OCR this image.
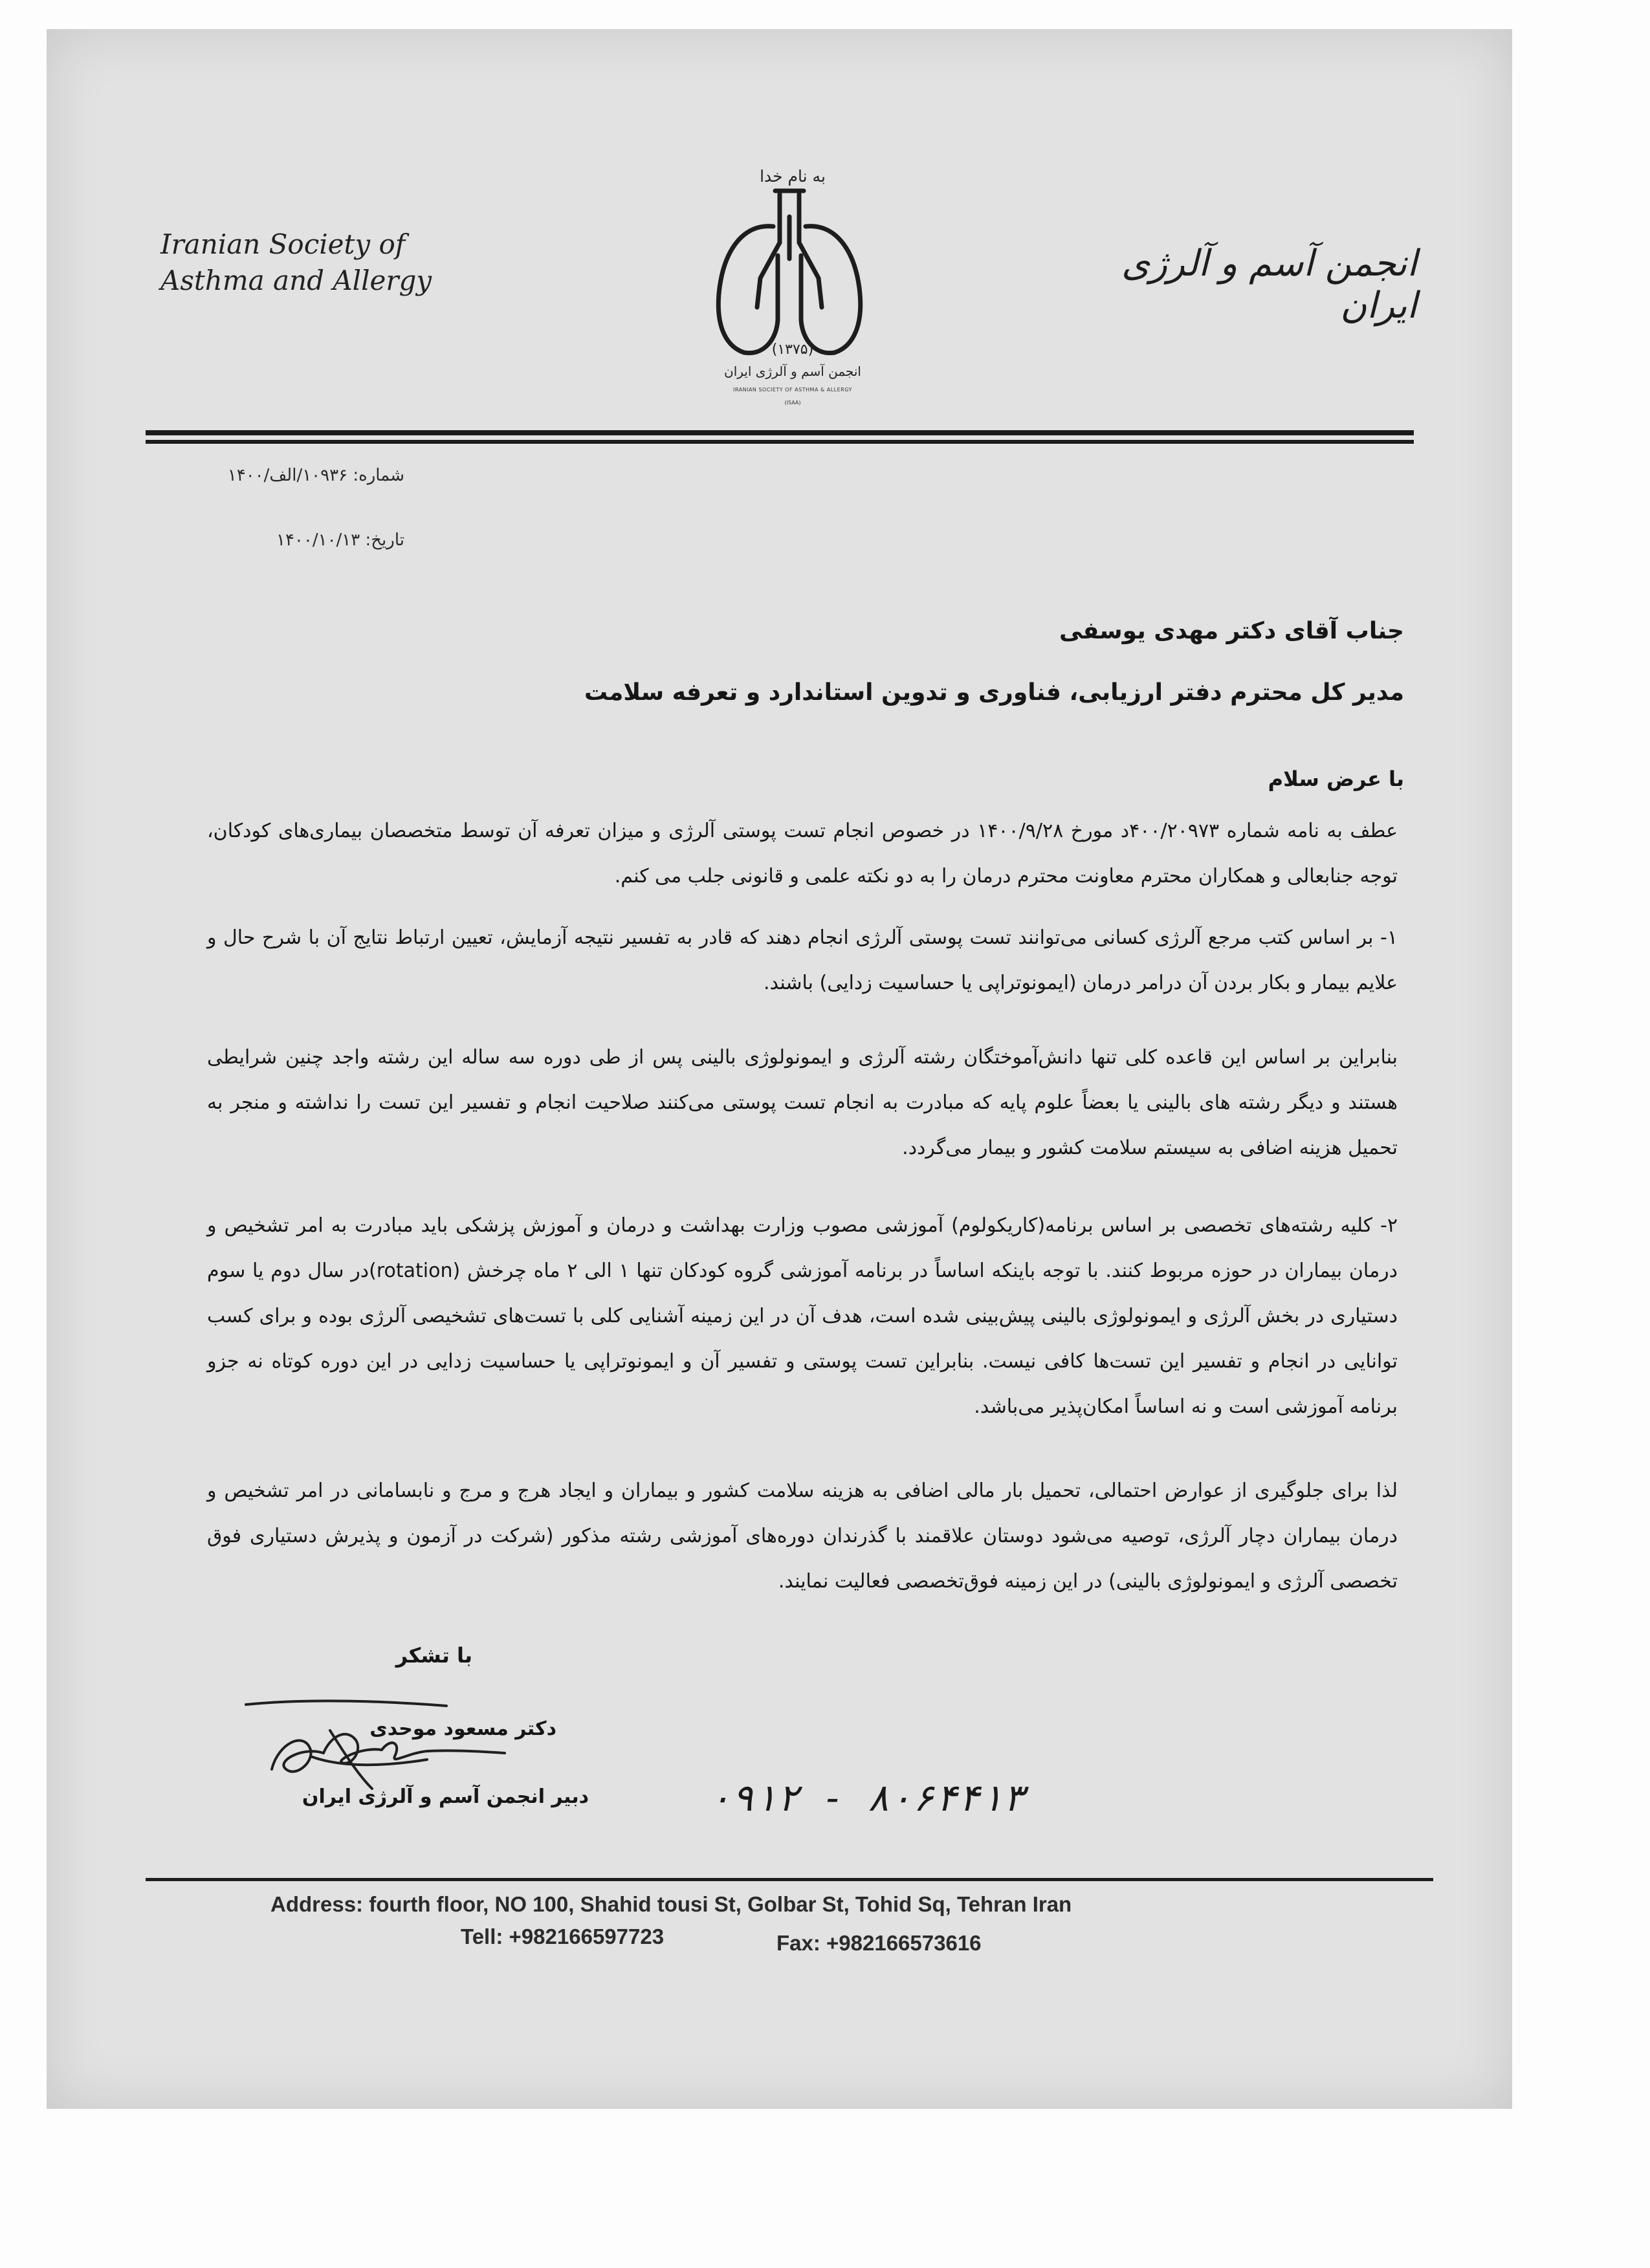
Iranian Society of
Asthma and Allergy
به نام خدا
(۱۳۷۵)
انجمن آسم و آلرژی ایران
IRANIAN SOCIETY OF ASTHMA & ALLERGY
(ISAA)
انجمن آسم و آلرژی ایران
شماره: ۱۰۹۳۶/الف/۱۴۰۰
تاریخ: ۱۴۰۰/۱۰/۱۳
جناب آقای دکتر مهدی یوسفی
مدیر کل محترم دفتر ارزیابی، فناوری و تدوین استاندارد و تعرفه سلامت
با عرض سلام
عطف به نامه شماره ۴۰۰/۲۰۹۷۳د مورخ ۱۴۰۰/۹/۲۸ در خصوص انجام تست پوستی آلرژی و میزان تعرفه آن توسط متخصصان بیماری‌های کودکان، توجه جنابعالی و همکاران محترم معاونت محترم درمان را به دو نکته علمی و قانونی جلب می کنم.
۱- بر اساس کتب مرجع آلرژی کسانی می‌توانند تست پوستی آلرژی انجام دهند که قادر به تفسیر نتیجه آزمایش، تعیین ارتباط نتایج آن با شرح حال و علایم بیمار و بکار بردن آن درامر درمان (ایمونوتراپی یا حساسیت زدایی) باشند.
بنابراین بر اساس این قاعده کلی تنها دانش‌آموختگان رشته آلرژی و ایمونولوژی بالینی پس از طی دوره سه ساله این رشته واجد چنین شرایطی هستند و دیگر رشته های بالینی یا بعضاً علوم پایه که مبادرت به انجام تست پوستی می‌کنند صلاحیت انجام و تفسیر این تست را نداشته و منجر به تحمیل هزینه اضافی به سیستم سلامت کشور و بیمار می‌گردد.
۲- کلیه رشته‌های تخصصی بر اساس برنامه(کاریکولوم) آموزشی مصوب وزارت بهداشت و درمان و آموزش پزشکی باید مبادرت به امر تشخیص و درمان بیماران در حوزه مربوط کنند. با توجه باینکه اساساً در برنامه آموزشی گروه کودکان تنها ۱ الی ۲ ماه چرخش (rotation)در سال دوم یا سوم دستیاری در بخش آلرژی و ایمونولوژی بالینی پیش‌بینی شده است، هدف آن در این زمینه آشنایی کلی با تست‌های تشخیصی آلرژی بوده و برای کسب توانایی در انجام و تفسیر این تست‌ها کافی نیست. بنابراین تست پوستی و تفسیر آن و ایمونوتراپی یا حساسیت زدایی در این دوره کوتاه نه جزو برنامه آموزشی است و نه اساساً امکان‌پذیر می‌باشد.
لذا برای جلوگیری از عوارض احتمالی، تحمیل بار مالی اضافی به هزینه سلامت کشور و بیماران و ایجاد هرج و مرج و نابسامانی در امر تشخیص و درمان بیماران دچار آلرژی، توصیه می‌شود دوستان علاقمند با گذرندان دوره‌های آموزشی رشته مذکور (شرکت در آزمون و پذیرش دستیاری فوق تخصصی آلرژی و ایمونولوژی بالینی) در این زمینه فوق‌تخصصی فعالیت نمایند.
با تشکر
دکتر مسعود موحدی
دبیر انجمن آسم و آلرژی ایران	۰۹۱۲ - ۸۰۶۴۴۱۳
Address: fourth floor, NO 100, Shahid tousi St, Golbar St, Tohid Sq, Tehran Iran
Tell: +982166597723	Fax: +982166573616
